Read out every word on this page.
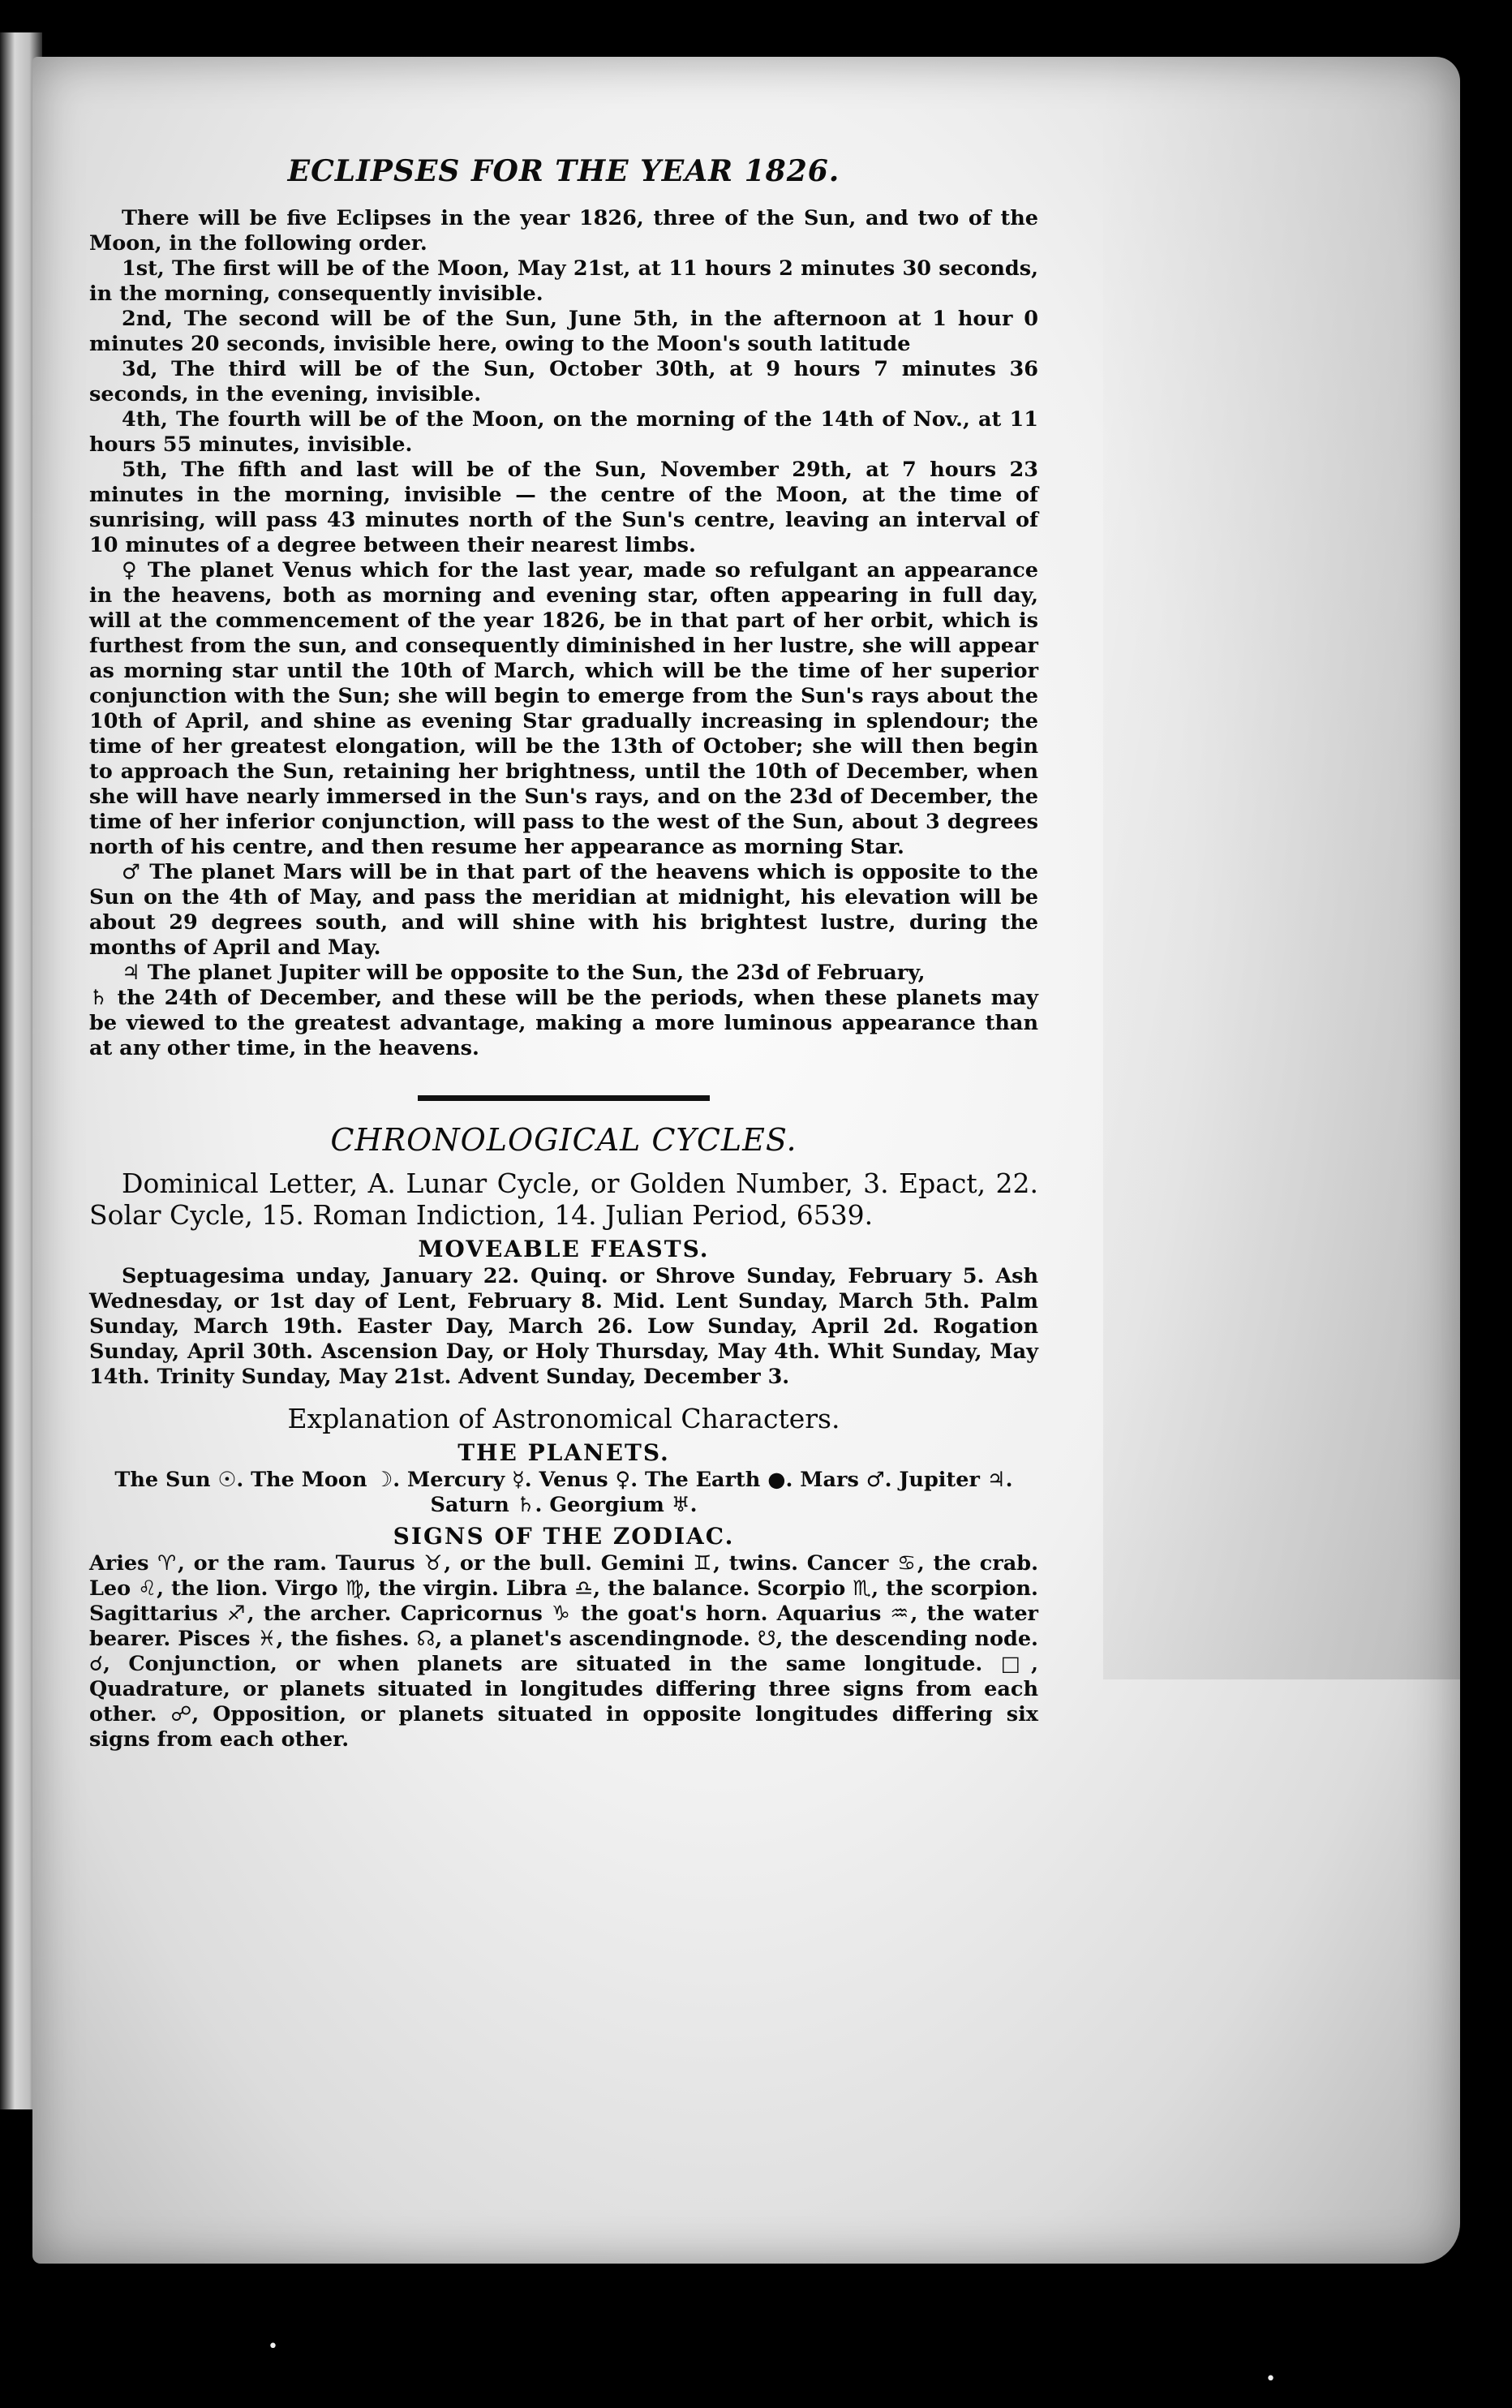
ECLIPSES FOR THE YEAR 1826.

There will be five Eclipses in the year 1826, three of the Sun, and two of the Moon, in the following order.

1st, The first will be of the Moon, May 21st, at 11 hours 2 minutes 30 seconds, in the morning, consequently invisible.

2nd, The second will be of the Sun, June 5th, in the afternoon at 1 hour 0 minutes 20 seconds, invisible here, owing to the Moon's south latitude

3d, The third will be of the Sun, October 30th, at 9 hours 7 minutes 36 seconds, in the evening, invisible.

4th, The fourth will be of the Moon, on the morning of the 14th of Nov., at 11 hours 55 minutes, invisible.

5th, The fifth and last will be of the Sun, November 29th, at 7 hours 23 minutes in the morning, invisible — the centre of the Moon, at the time of sunrising, will pass 43 minutes north of the Sun's centre, leaving an interval of 10 minutes of a degree between their nearest limbs.

♀ The planet Venus which for the last year, made so refulgant an appearance in the heavens, both as morning and evening star, often appearing in full day, will at the commencement of the year 1826, be in that part of her orbit, which is furthest from the sun, and consequently diminished in her lustre, she will appear as morning star until the 10th of March, which will be the time of her superior conjunction with the Sun; she will begin to emerge from the Sun's rays about the 10th of April, and shine as evening Star gradually increasing in splendour; the time of her greatest elongation, will be the 13th of October; she will then begin to approach the Sun, retaining her brightness, until the 10th of December, when she will have nearly immersed in the Sun's rays, and on the 23d of December, the time of her inferior conjunction, will pass to the west of the Sun, about 3 degrees north of his centre, and then resume her appearance as morning Star.

♂ The planet Mars will be in that part of the heavens which is opposite to the Sun on the 4th of May, and pass the meridian at midnight, his elevation will be about 29 degrees south, and will shine with his brightest lustre, during the months of April and May.

♃ The planet Jupiter will be opposite to the Sun, the 23d of February,

♄ the 24th of December, and these will be the periods, when these planets may be viewed to the greatest advantage, making a more luminous appearance than at any other time, in the heavens.

CHRONOLOGICAL CYCLES.

Dominical Letter, A. Lunar Cycle, or Golden Number, 3. Epact, 22. Solar Cycle, 15. Roman Indiction, 14. Julian Period, 6539.

MOVEABLE FEASTS.

Septuagesima unday, January 22. Quinq. or Shrove Sunday, February 5. Ash Wednesday, or 1st day of Lent, February 8. Mid. Lent Sunday, March 5th. Palm Sunday, March 19th. Easter Day, March 26. Low Sunday, April 2d. Rogation Sunday, April 30th. Ascension Day, or Holy Thursday, May 4th. Whit Sunday, May 14th. Trinity Sunday, May 21st. Advent Sunday, December 3.

Explanation of Astronomical Characters.
THE PLANETS.

The Sun ☉. The Moon ☽. Mercury ☿. Venus ♀. The Earth ●. Mars ♂. Jupiter ♃. Saturn ♄. Georgium ♅.

SIGNS OF THE ZODIAC.

Aries ♈, or the ram. Taurus ♉, or the bull. Gemini ♊, twins. Cancer ♋, the crab. Leo ♌, the lion. Virgo ♍, the virgin. Libra ♎, the balance. Scorpio ♏, the scorpion. Sagittarius ♐, the archer. Capricornus ♑ the goat's horn. Aquarius ♒, the water bearer. Pisces ♓, the fishes. ☊, a planet's ascendingnode. ☋, the descending node. ☌, Conjunction, or when planets are situated in the same longitude. □, Quadrature, or planets situated in longitudes differing three signs from each other. ☍, Opposition, or planets situated in opposite longitudes differing six signs from each other.

•
•
